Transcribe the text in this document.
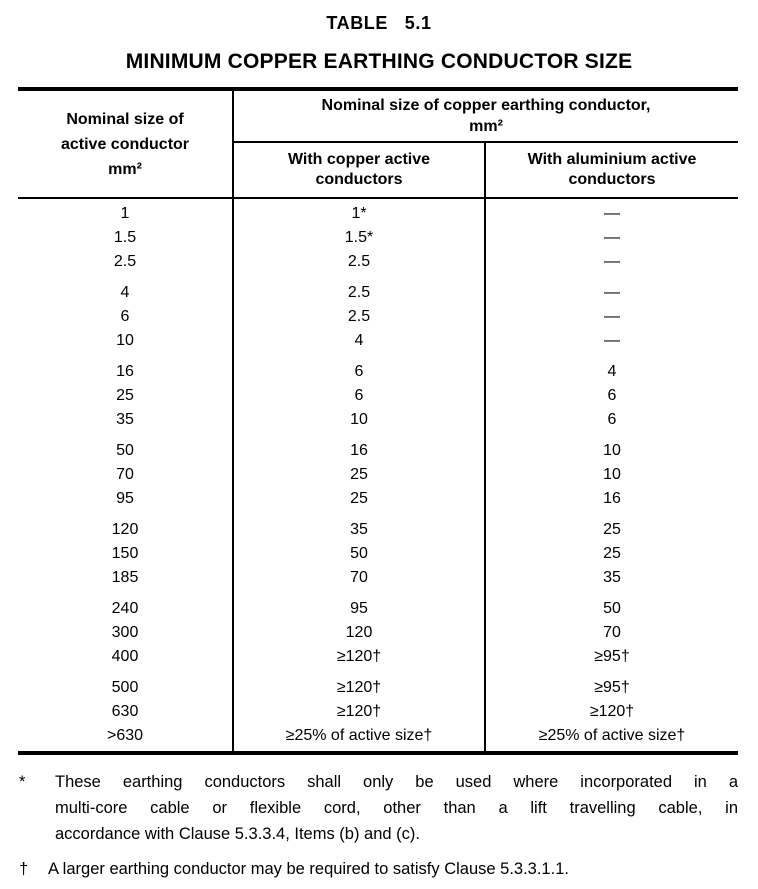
TABLE   5.1
MINIMUM COPPER EARTHING CONDUCTOR SIZE
Nominal size of
active conductor
mm²	Nominal size of copper earthing conductor,
mm²	

	With copper active conductors	With aluminium active conductors
1	1*	—
1.5	1.5*	—
2.5	2.5	—
4	2.5	—
6	2.5	—
10	4	—
16	6	4
25	6	6
35	10	6
50	16	10
70	25	10
95	25	16
120	35	25
150	50	25
185	70	35
240	95	50
300	120	70
400	≥120†	≥95†
500	≥120†	≥95†
630	≥120†	≥120†
>630	≥25% of active size†	≥25% of active size†
*	These earthing conductors shall only be used where incorporated in a
multi-core cable or flexible cord, other than a lift travelling cable, in
accordance with Clause 5.3.3.4, Items (b) and (c).
†	A larger earthing conductor may be required to satisfy Clause 5.3.3.1.1.
